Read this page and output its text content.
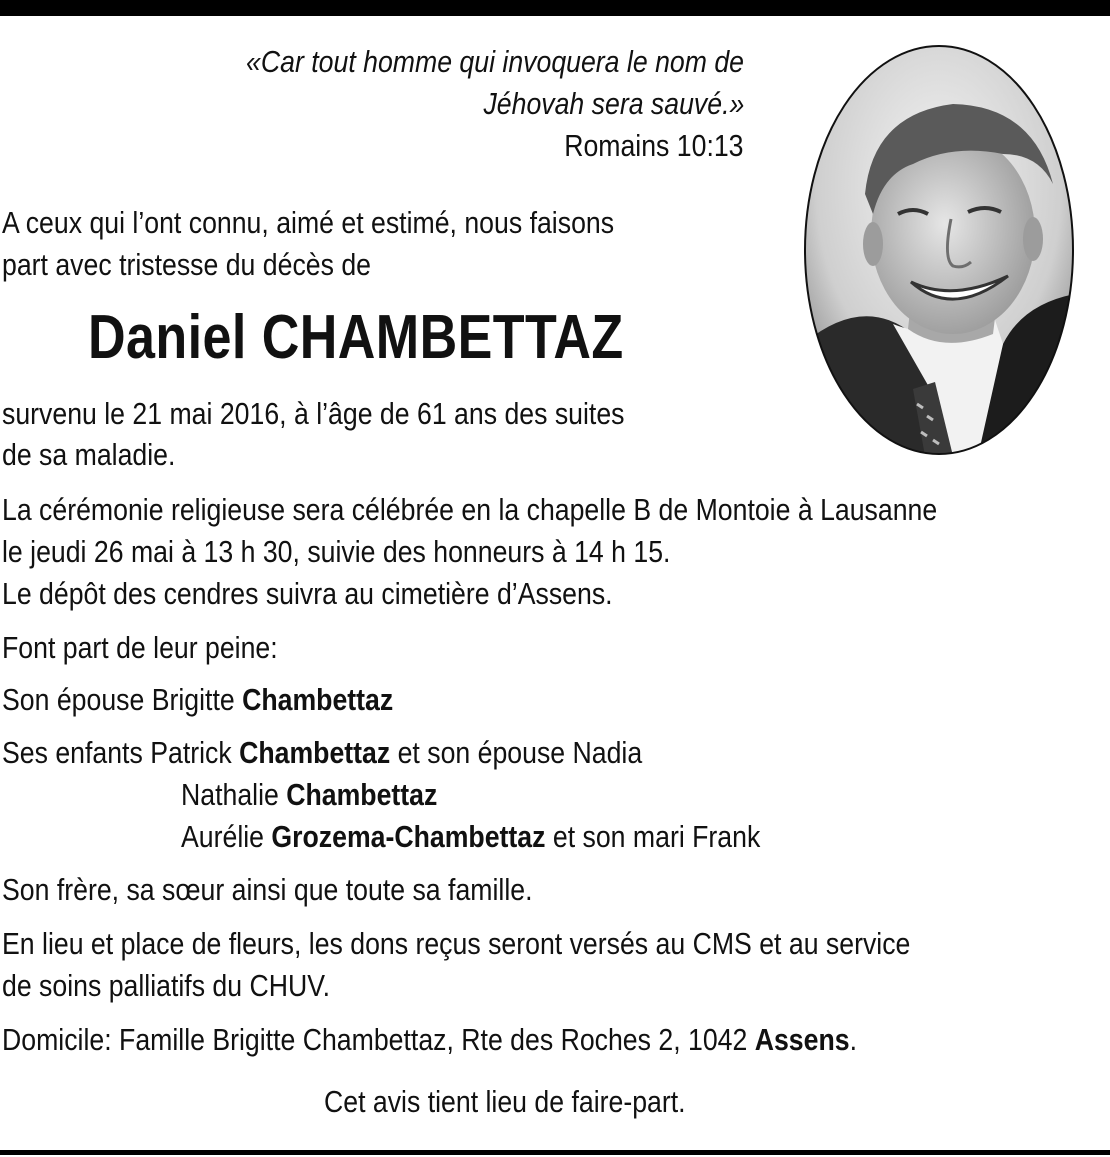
«Car tout homme qui invoquera le nom de
Jéhovah sera sauvé.»
Romains 10:13
A ceux qui l’ont connu, aimé et estimé, nous faisons
part avec tristesse du décès de
Daniel CHAMBETTAZ
survenu le 21 mai 2016, à l’âge de 61 ans des suites
de sa maladie.
La cérémonie religieuse sera célébrée en la chapelle B de Montoie à Lausanne
le jeudi 26 mai à 13 h 30, suivie des honneurs à 14 h 15.
Le dépôt des cendres suivra au cimetière d’Assens.
Font part de leur peine:
Son épouse Brigitte Chambettaz
Ses enfants Patrick Chambettaz et son épouse Nadia
Nathalie Chambettaz
Aurélie Grozema-Chambettaz et son mari Frank
Son frère, sa sœur ainsi que toute sa famille.
En lieu et place de fleurs, les dons reçus seront versés au CMS et au service
de soins palliatifs du CHUV.
Domicile: Famille Brigitte Chambettaz, Rte des Roches 2, 1042 Assens.
Cet avis tient lieu de faire-part.
